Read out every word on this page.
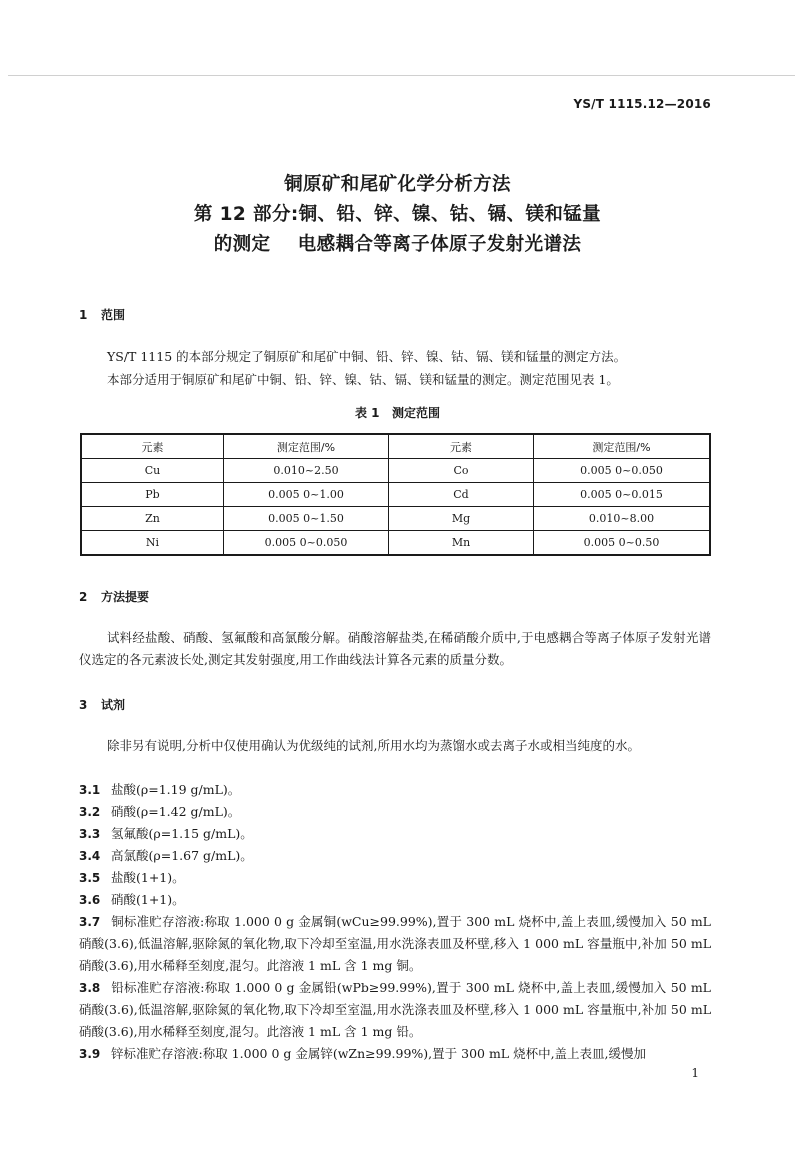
YS/T 1115.12—2016
铜原矿和尾矿化学分析方法
第 12 部分:铜、铅、锌、镍、钴、镉、镁和锰量
的测定    电感耦合等离子体原子发射光谱法
1 范围
YS/T 1115 的本部分规定了铜原矿和尾矿中铜、铅、锌、镍、钴、镉、镁和锰量的测定方法。
本部分适用于铜原矿和尾矿中铜、铅、锌、镍、钴、镉、镁和锰量的测定。测定范围见表 1。
表 1   测定范围
元素	测定范围/%	元素	测定范围/%
Cu	0.010~2.50	Co	0.005 0~0.050
Pb	0.005 0~1.00	Cd	0.005 0~0.015
Zn	0.005 0~1.50	Mg	0.010~8.00
Ni	0.005 0~0.050	Mn	0.005 0~0.50
2 方法提要
试料经盐酸、硝酸、氢氟酸和高氯酸分解。硝酸溶解盐类,在稀硝酸介质中,于电感耦合等离子体原子发射光谱仪选定的各元素波长处,测定其发射强度,用工作曲线法计算各元素的质量分数。
3 试剂
除非另有说明,分析中仅使用确认为优级纯的试剂,所用水均为蒸馏水或去离子水或相当纯度的水。
3.1 盐酸(ρ=1.19 g/mL)。
3.2 硝酸(ρ=1.42 g/mL)。
3.3 氢氟酸(ρ=1.15 g/mL)。
3.4 高氯酸(ρ=1.67 g/mL)。
3.5 盐酸(1+1)。
3.6 硝酸(1+1)。
3.7 铜标准贮存溶液:称取 1.000 0 g 金属铜(wCu≥99.99%),置于 300 mL 烧杯中,盖上表皿,缓慢加入 50 mL 硝酸(3.6),低温溶解,驱除氮的氧化物,取下冷却至室温,用水洗涤表皿及杯壁,移入 1 000 mL 容量瓶中,补加 50 mL 硝酸(3.6),用水稀释至刻度,混匀。此溶液 1 mL 含 1 mg 铜。
3.8 铅标准贮存溶液:称取 1.000 0 g 金属铅(wPb≥99.99%),置于 300 mL 烧杯中,盖上表皿,缓慢加入 50 mL 硝酸(3.6),低温溶解,驱除氮的氧化物,取下冷却至室温,用水洗涤表皿及杯壁,移入 1 000 mL 容量瓶中,补加 50 mL 硝酸(3.6),用水稀释至刻度,混匀。此溶液 1 mL 含 1 mg 铅。
3.9 锌标准贮存溶液:称取 1.000 0 g 金属锌(wZn≥99.99%),置于 300 mL 烧杯中,盖上表皿,缓慢加
1
